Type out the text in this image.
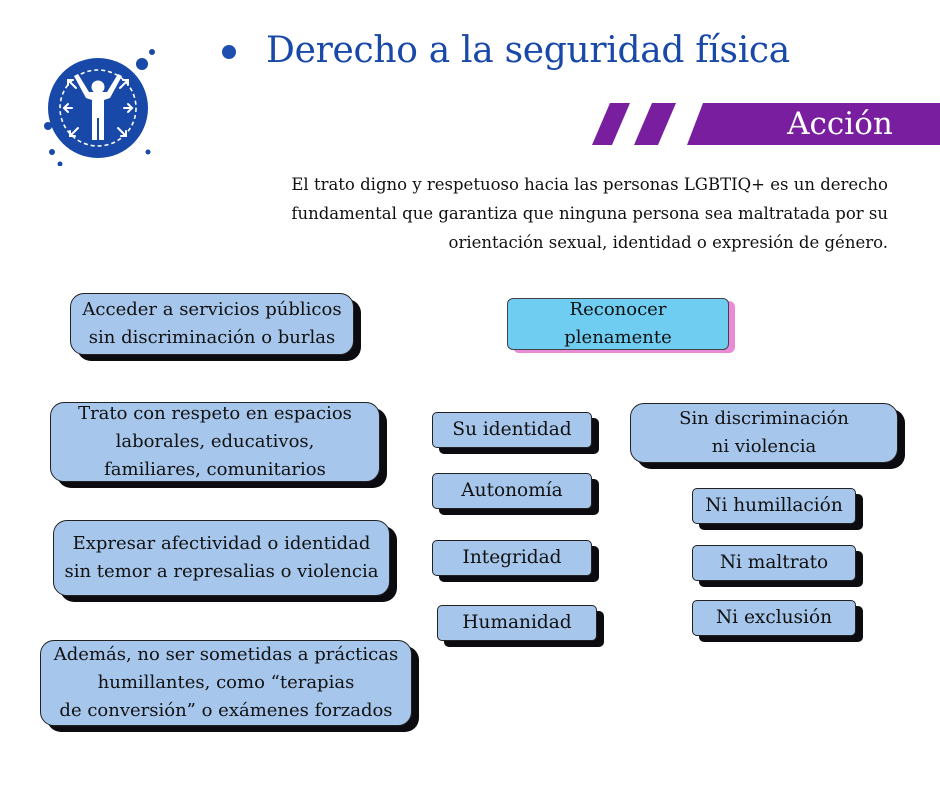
Derecho a la seguridad física
Acción

El trato digno y respetuoso hacia las personas LGBTIQ+ es un derecho fundamental que garantiza que ninguna persona sea maltratada por su orientación sexual, identidad o expresión de género.

Acceder a servicios públicos
sin discriminación o burlas
Trato con respeto en espacios
laborales, educativos,
familiares, comunitarios
Expresar afectividad o identidad
sin temor a represalias o violencia
Además, no ser sometidas a prácticas
humillantes, como “terapias
de conversión” o exámenes forzados
Reconocer
plenamente
Su identidad
Autonomía
Integridad
Humanidad
Sin discriminación
ni violencia
Ni humillación
Ni maltrato
Ni exclusión
